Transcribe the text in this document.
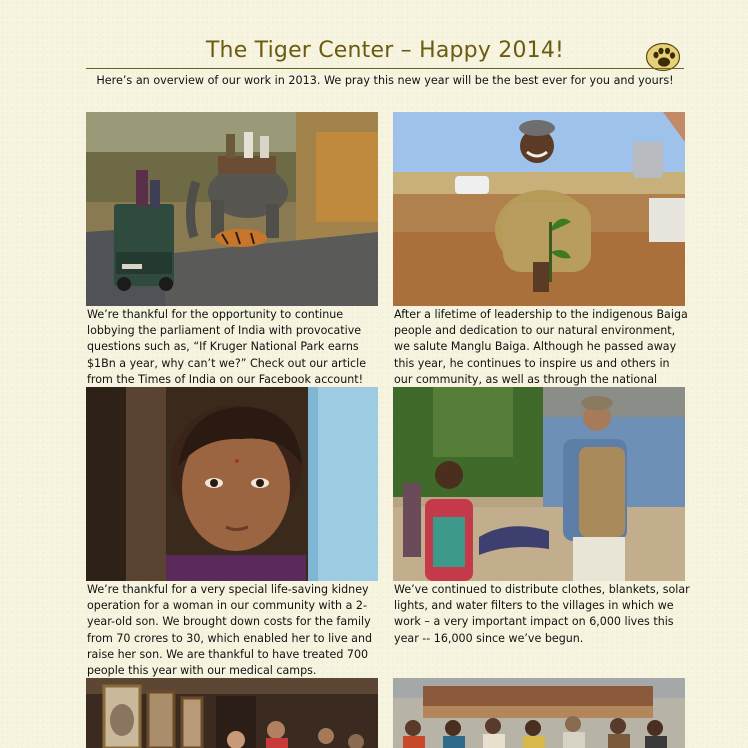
The Tiger Center – Happy 2014!
Here’s an overview of our work in 2013. We pray this new year will be the best ever for you and yours!
We’re thankful for the opportunity to continue lobbying the parliament of India with provocative questions such as, “If Kruger National Park earns $1Bn a year, why can’t we?” Check out our article from the Times of India on our Facebook account!
After a lifetime of leadership to the indigenous Baiga people and dedication to our natural environment, we salute Manglu Baiga. Although he passed away this year, he continues to inspire us and others in our community, as well as through the national
We’re thankful for a very special life-saving kidney operation for a woman in our community with a 2-year-old son. We brought down costs for the family from 70 crores to 30, which enabled her to live and raise her son. We are thankful to have treated 700 people this year with our medical camps.
We’ve continued to distribute clothes, blankets, solar lights, and water filters to the villages in which we work – a very important impact on 6,000 lives this year -- 16,000 since we’ve begun.
